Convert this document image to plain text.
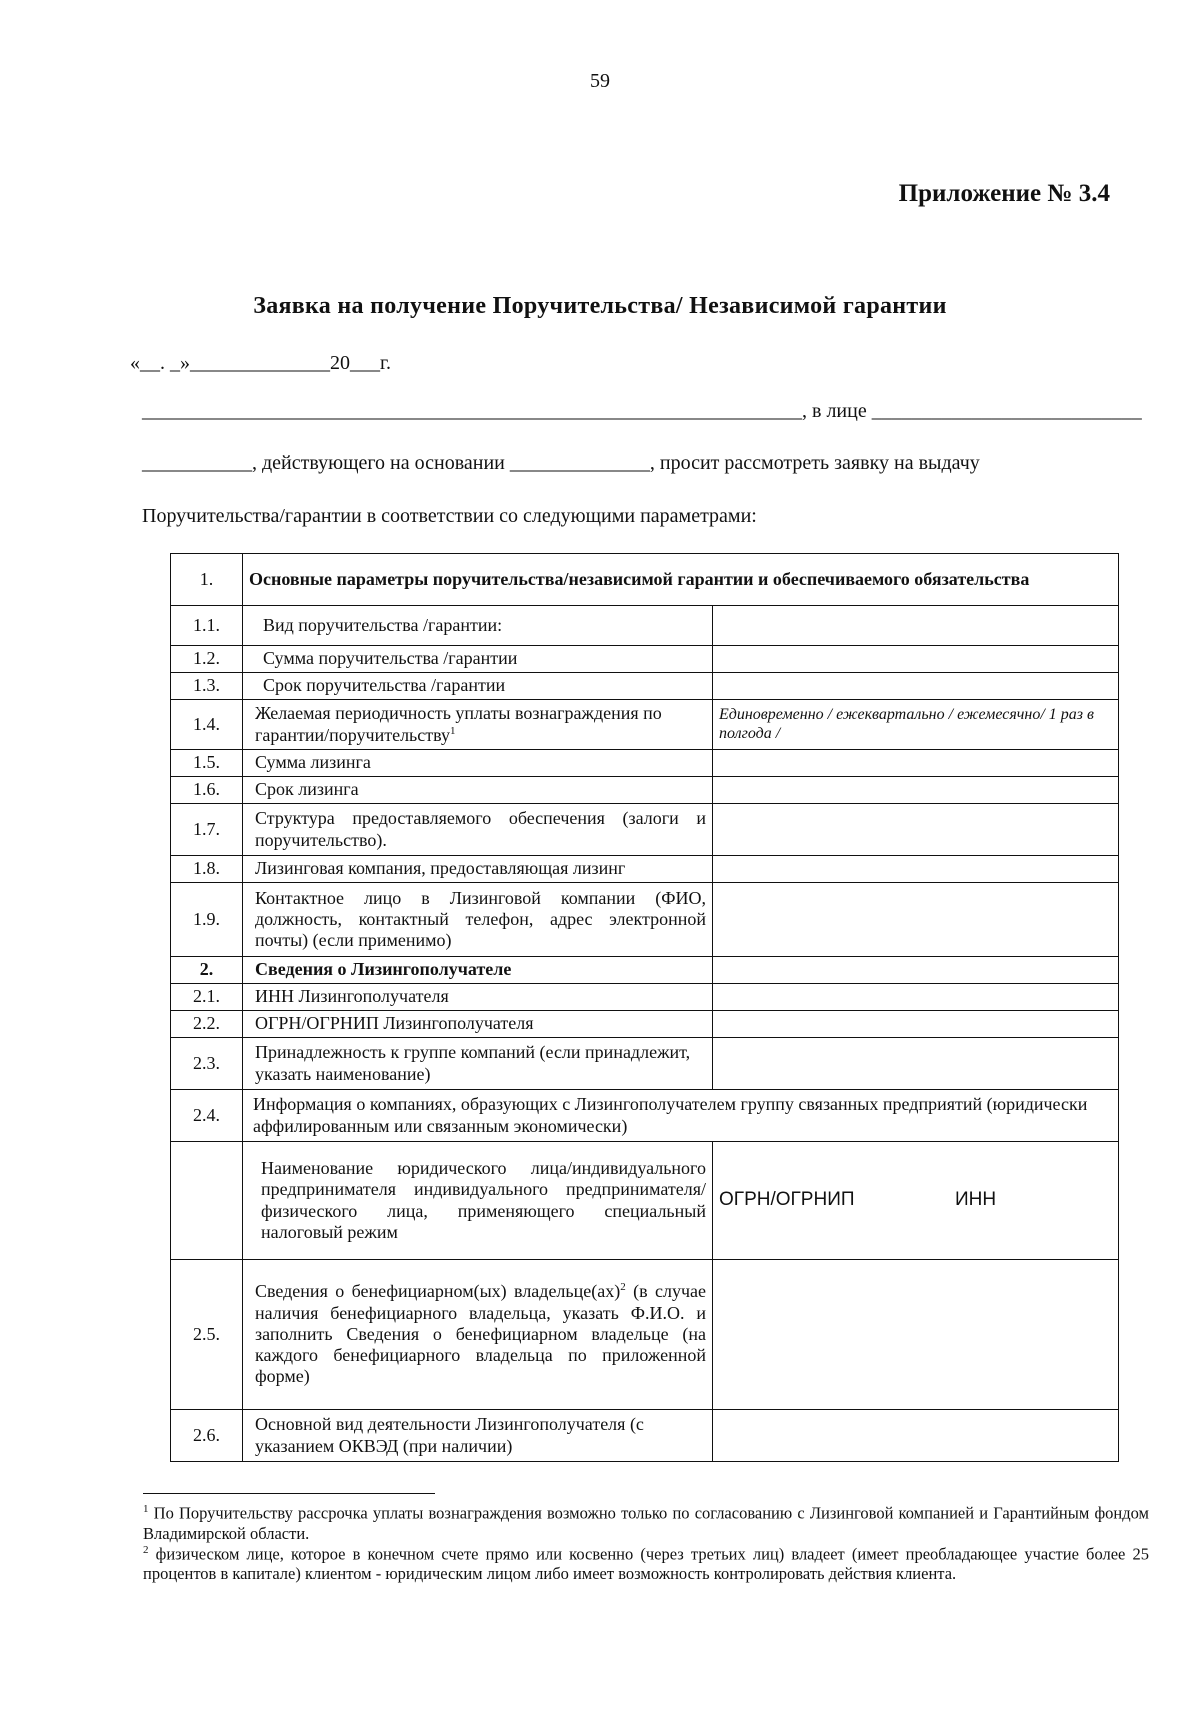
59
Приложение № 3.4
Заявка на получение Поручительства/ Независимой гарантии
«__. _»______________20___г.
__________________________________________________________________, в лице ___________________________
___________, действующего на основании ______________, просит рассмотреть заявку на выдачу
Поручительства/гарантии в соответствии со следующими параметрами:
1.	Основные параметры поручительства/независимой гарантии и обеспечиваемого обязательства	
1.1.	Вид поручительства /гарантии:	
1.2.	Сумма поручительства /гарантии	
1.3.	Срок поручительства /гарантии	
1.4.	Желаемая периодичность уплаты вознаграждения по гарантии/поручительству$^1$	Единовременно / ежеквартально / ежемесячно/ 1 раз в полгода /
1.5.	Сумма лизинга	
1.6.	Срок лизинга	
1.7.	Структура предоставляемого обеспечения (залоги и поручительство).	
1.8.	Лизинговая компания, предоставляющая лизинг	
1.9.	Контактное лицо в Лизинговой компании (ФИО, должность, контактный телефон, адрес электронной почты) (если применимо)	
2.	Сведения о Лизингополучателе	
2.1.	ИНН Лизингополучателя	
2.2.	ОГРН/ОГРНИП Лизингополучателя	
2.3.	Принадлежность к группе компаний (если принадлежит, указать наименование)	
2.4.	Информация о компаниях, образующих с Лизингополучателем группу связанных предприятий (юридически аффилированным или связанным экономически)	
	Наименование юридического лица/индивидуального предпринимателя индивидуального предпринимателя/физического лица, применяющего специальный налоговый режим	ОГРН/ОГРНИП ИНН
2.5.	Сведения о бенефициарном(ых) владельце(ах)$^2$ (в случае наличия бенефициарного владельца, указать Ф.И.О. и заполнить Сведения о бенефициарном владельце (на каждого бенефициарного владельца по приложенной форме)	
2.6.	Основной вид деятельности Лизингополучателя (с указанием ОКВЭД (при наличии)	

$^1$ По Поручительству рассрочка уплаты вознаграждения возможно только по согласованию с Лизинговой компанией и Гарантийным фондом Владимирской области.

$^2$ физическом лице, которое в конечном счете прямо или косвенно (через третьих лиц) владеет (имеет преобладающее участие более 25 процентов в капитале) клиентом - юридическим лицом либо имеет возможность контролировать действия клиента.
